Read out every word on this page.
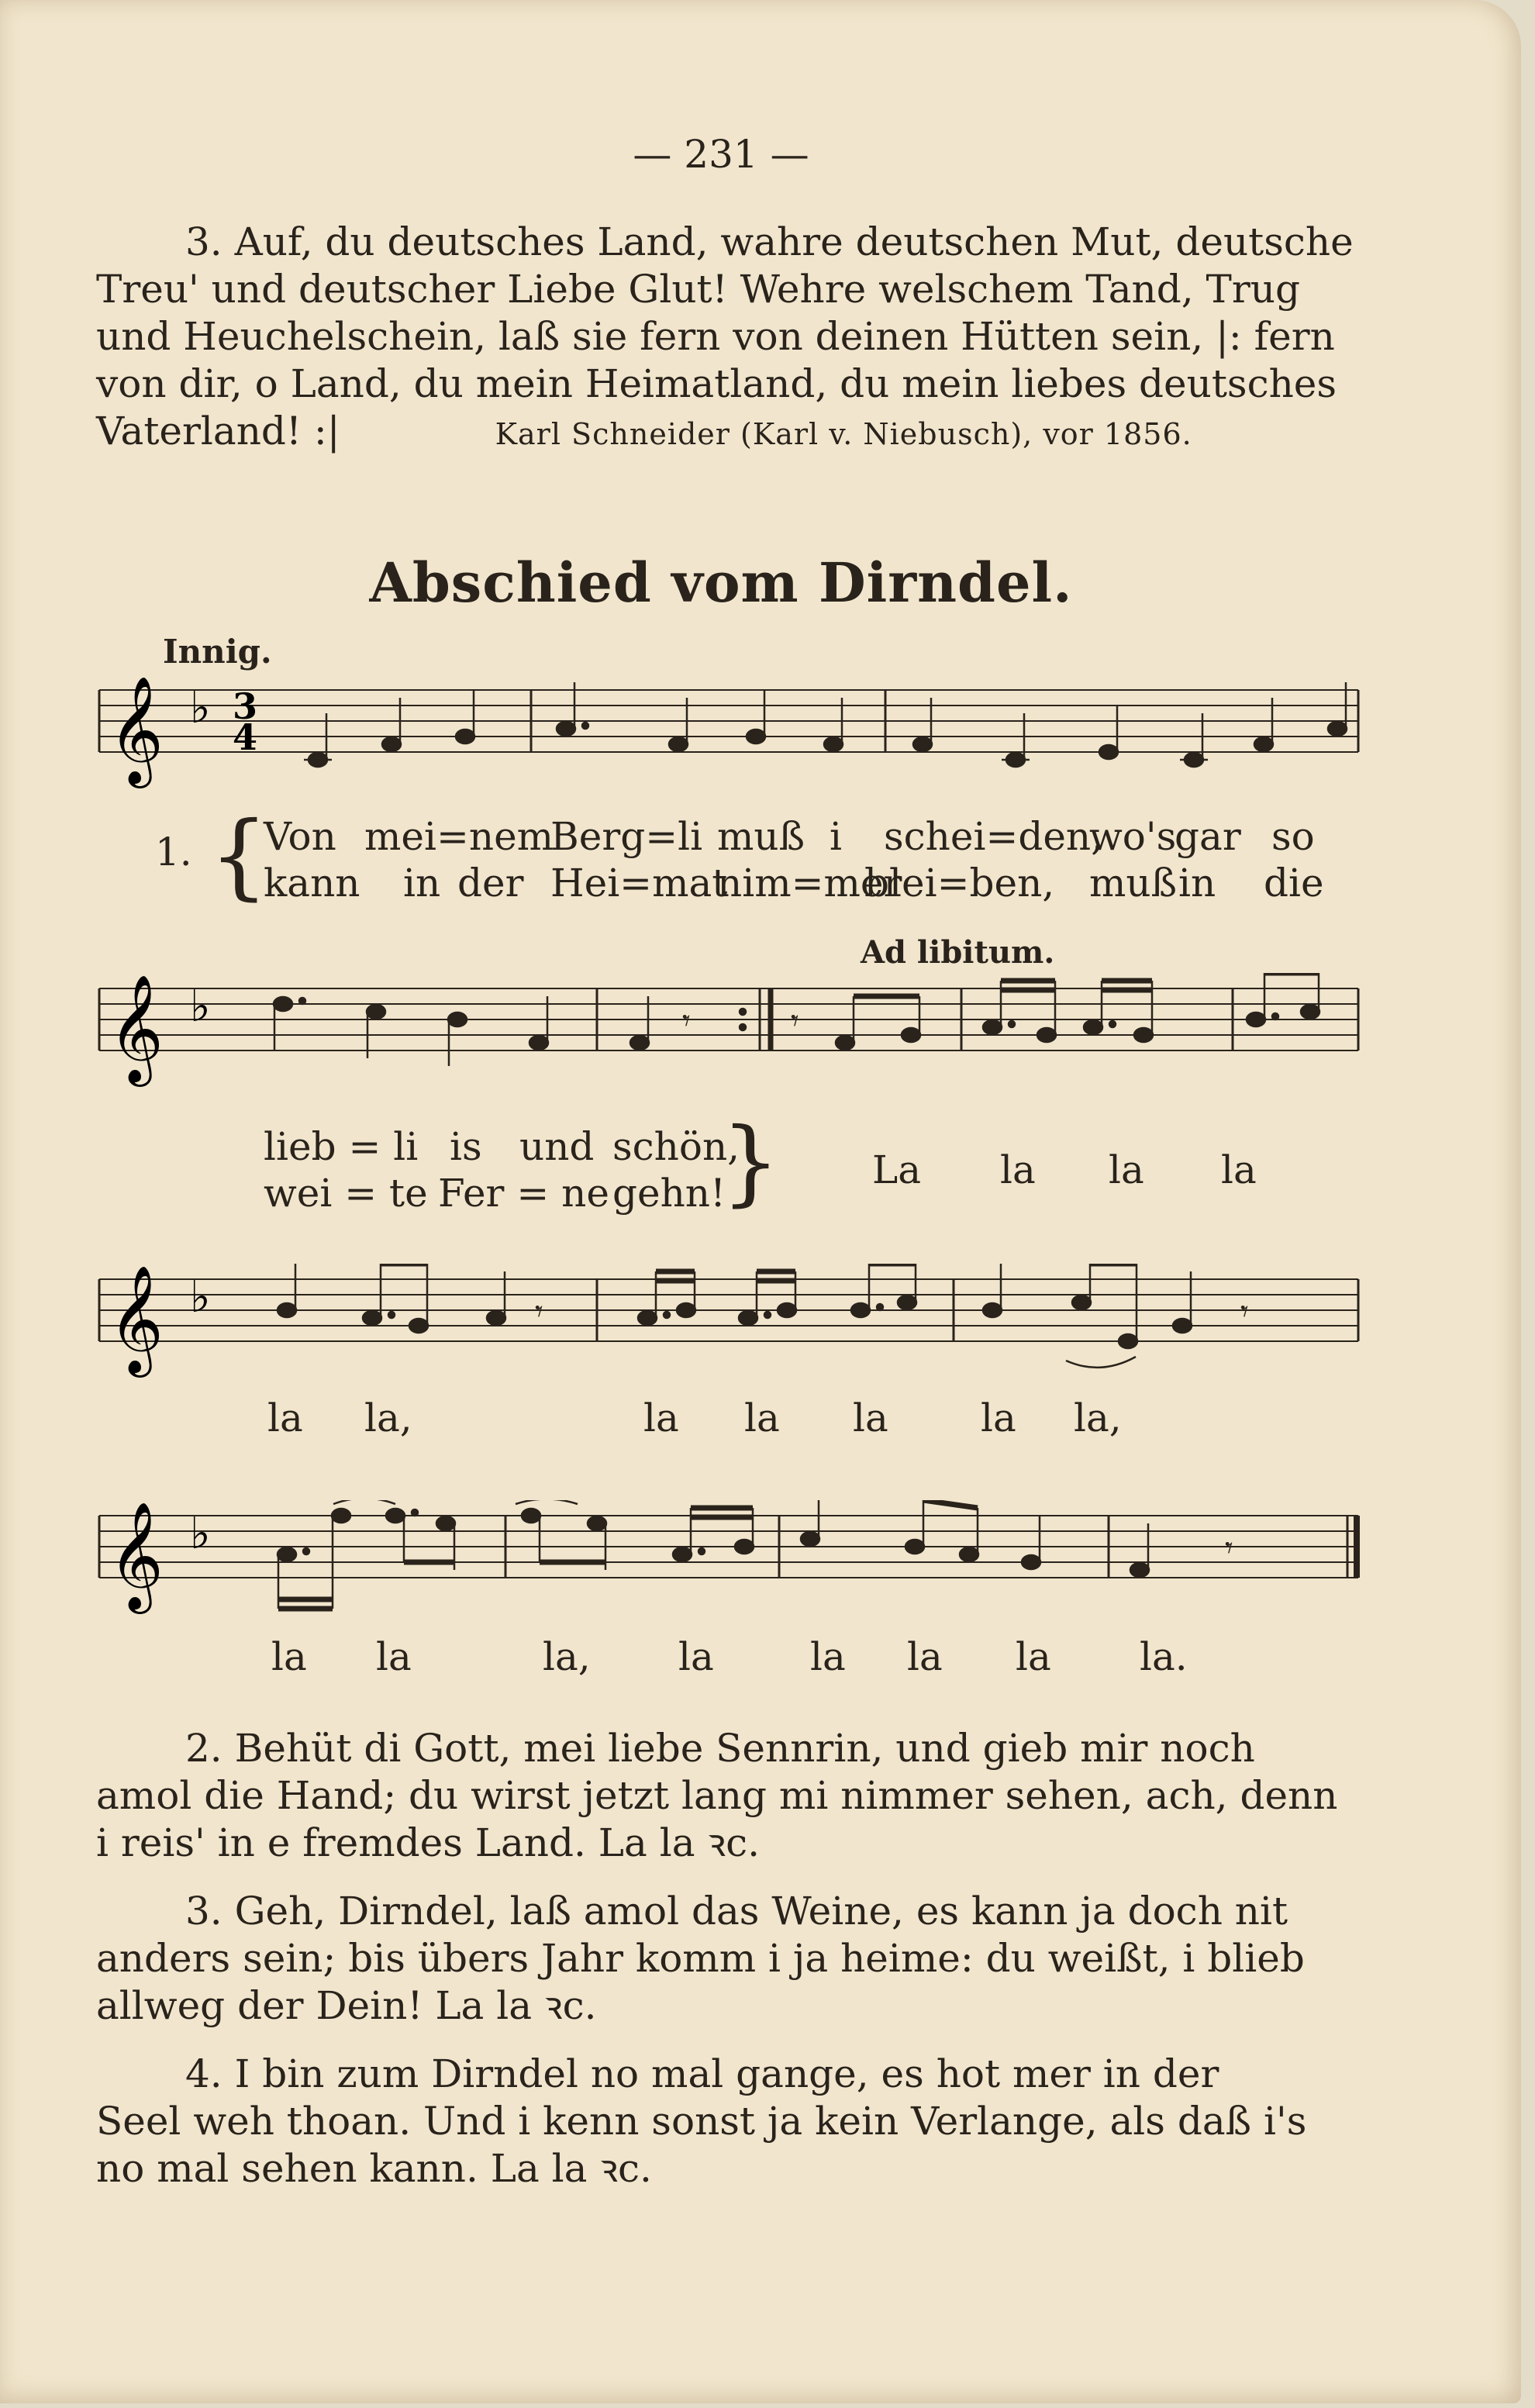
— 231 —
3. Auf, du deutsches Land, wahre deutschen Mut, deutsche
Treu' und deutscher Liebe Glut! Wehre welschem Tand, Trug
und Heuchelschein, laß sie fern von deinen Hütten sein, |: fern
von dir, o Land, du mein Heimatland, du mein liebes deutsches
Vaterland! :|	Karl Schneider (Karl v. Niebusch), vor 1856.
Abschied vom Dirndel.
Innig.
𝄞 ♭ 3
4
1. {
Von mei=nem
Berg=li muß i schei=den,
wo's
gar so
kann in der Hei=mat
nim=mer
blei=ben, muß in die
Ad libitum.
𝄞 ♭	𝄾	𝄾
lieb = li is und schön,
wei = te Fer = ne gehn!
} La la la la
𝄞 ♭	𝄾	𝄾
la la,	la la la la la,
𝄞 ♭	𝄾
la la	la, la la la la la.
2. Behüt di Gott, mei liebe Sennrin, und gieb mir noch
amol die Hand; du wirst jetzt lang mi nimmer sehen, ach, denn
i reis' in e fremdes Land. La la ꝛc.
3. Geh, Dirndel, laß amol das Weine, es kann ja doch nit
anders sein; bis übers Jahr komm i ja heime: du weißt, i blieb
allweg der Dein! La la ꝛc.
4. I bin zum Dirndel no mal gange, es hot mer in der
Seel weh thoan. Und i kenn sonst ja kein Verlange, als daß i's
no mal sehen kann. La la ꝛc.
